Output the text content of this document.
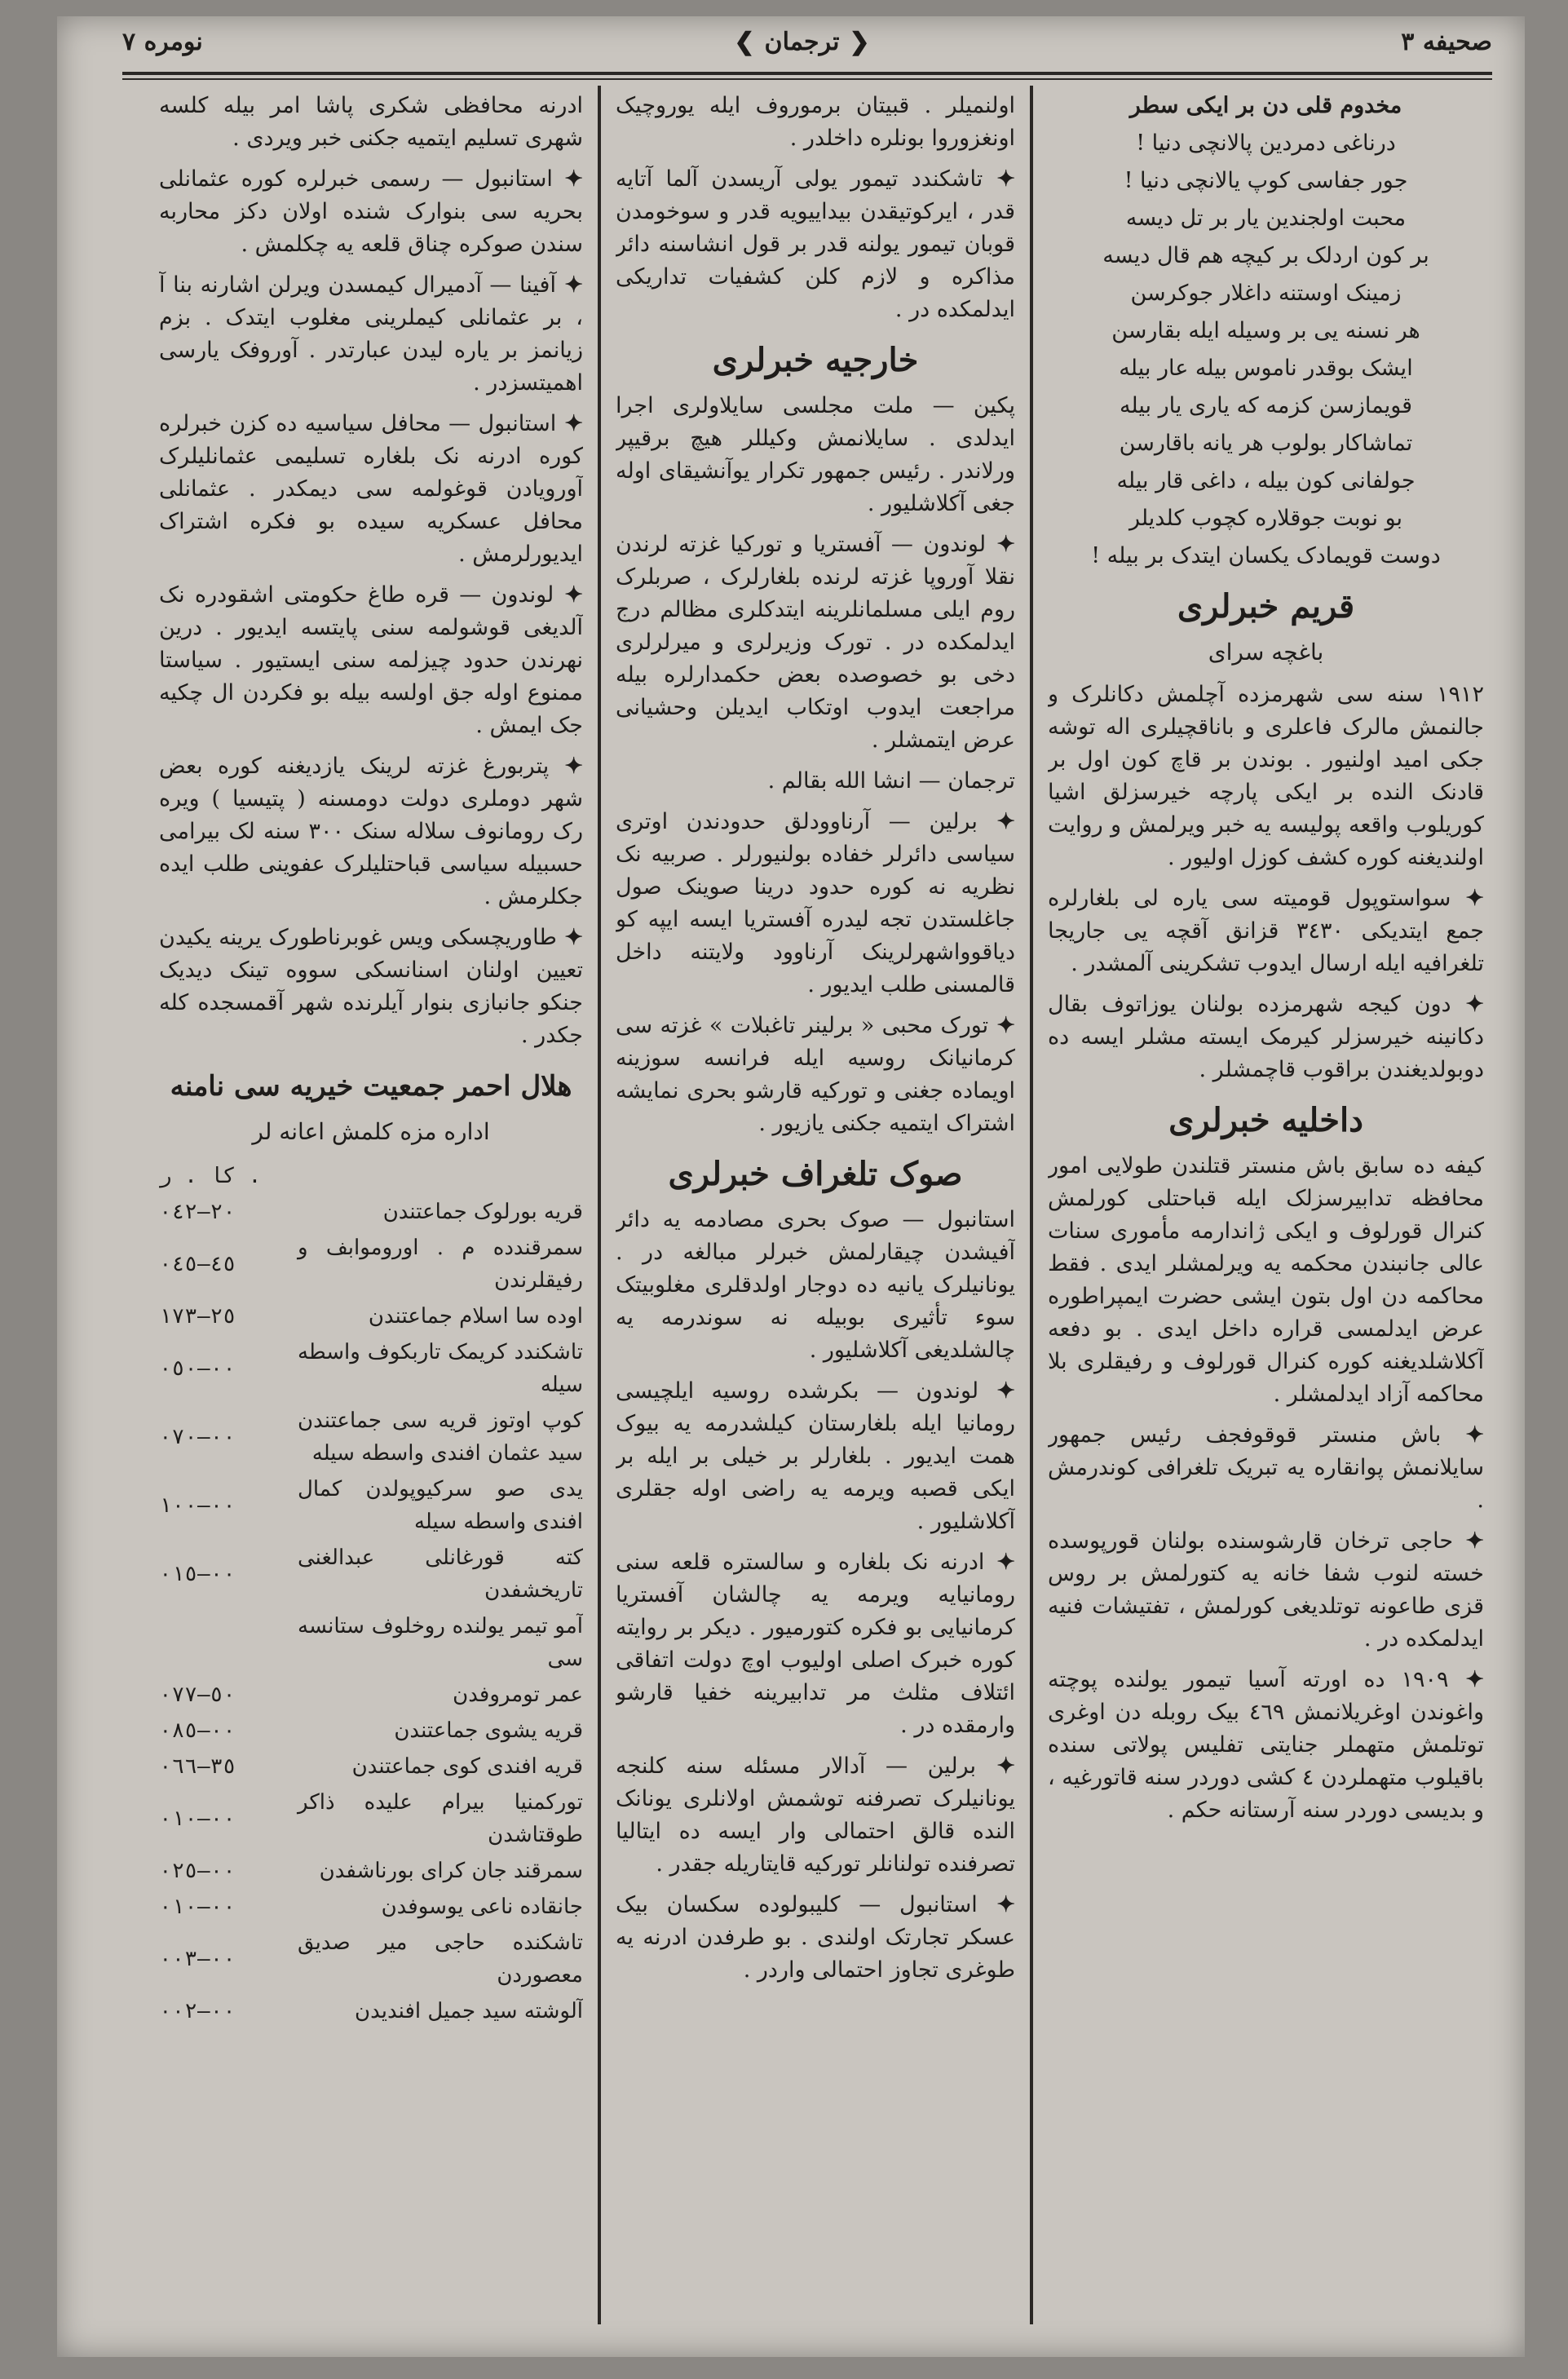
صحيفه ٣
❮
ترجمان
❯
نومره ٧

مخدوم قلی دن بر ایکی سطر

درناغی دمردین پالانچی دنیا !

جور جفاسی کوپ یالانچی دنیا !

محبت اولجندین یار بر تل دیسه

بر کون اردلک بر کیچه هم قال دیسه

زمینک اوستنه داغلار جوکرسن

هر نسنه یی بر وسیله ایله بقارسن

ایشک بوقدر ناموس بیله عار بیله

قویمازسن کزمه که یاری یار بیله

تماشاکار بولوب هر یانه باقارسن

جولفانی کون بیله ، داغی قار بیله

بو نوبت جوقلاره کچوب کلدیلر

دوست قویمادک یکسان ایتدک بر بیله !

قریم خبرلری
باغچه سرای

١٩١٢ سنه سی شهرمزده آچلمش دکانلرک و جالنمش مالرک فاعلری و باناقچیلری اله توشه جکی امید اولنیور . بوندن بر قاچ کون اول بر قادنک النده بر ایکی پارچه خیرسزلق اشیا کوریلوب واقعه پولیسه یه خبر ویرلمش و روایت اولندیغنه کوره کشف کوزل اولیور .

✦ سواستوپول قومیته سی یاره لی بلغارلره جمع ایتدیکی ٣٤٣٠ قزانق آقچه یی جاریجا تلغرافیه ایله ارسال ایدوب تشکرینی آلمشدر .

✦ دون کیجه شهرمزده بولنان یوزاتوف بقال دکانینه خیرسزلر کیرمک ایسته مشلر ایسه ده دوبولدیغندن براقوب قاچمشلر .

داخلیه خبرلری

کیفه ده سابق باش منستر قتلندن طولایی امور محافظه تدابیرسزلک ایله قباحتلی کورلمش کنرال قورلوف و ایکی ژاندارمه مأموری سنات عالی جانبندن محکمه یه ویرلمشلر ایدی . فقط محاکمه دن اول بتون ایشی حضرت ایمپراطوره عرض ایدلمسی قراره داخل ایدی . بو دفعه آکلاشلدیغنه کوره کنرال قورلوف و رفیقلری بلا محاکمه آزاد ایدلمشلر .

✦ باش منستر قوقوفجف رئیس جمهور سایلانمش پوانقاره یه تبریک تلغرافی کوندرمش .

✦ حاجی ترخان قارشوسنده بولنان قورپوسده خسته لنوب شفا خانه یه کتورلمش بر روس قزی طاعونه توتلدیغی کورلمش ، تفتیشات فنیه ایدلمکده در .

✦ ١٩٠٩ ده اورته آسیا تیمور یولنده پوچته واغوندن اوغریلانمش ٤٦٩ بیک روبله دن اوغری توتلمش متهملر جنایتی تفلیس پولاتی سنده باقیلوب متهملردن ٤ کشی دوردر سنه قاتورغیه ، و بدیسی دوردر سنه آرستانه حکم .

اولنمیلر . قبیتان برموروف ایله یوروچیک اونغزوروا بونلره داخلدر .

✦ تاشکندد تیمور یولی آریسدن آلما آتایه قدر ، ایرکوتیقدن بیداییویه قدر و سوخومدن قوبان تیمور یولنه قدر بر قول انشاسنه دائر مذاکره و لازم کلن کشفیات تداریکی ایدلمکده در .

خارجیه خبرلری

پکین — ملت مجلسی سایلاولری اجرا ایدلدی . سایلانمش وکیللر هیچ برقیپر ورلاندر . رئیس جمهور تکرار یوآنشیقای اوله جغی آکلاشلیور .

✦ لوندون — آفستریا و توركیا غزته لرندن نقلا آوروپا غزته لرنده بلغارلرک ، صربلرک روم ایلی مسلمانلرینه ایتدکلری مظالم درج ایدلمکده در . تورک وزیرلری و میرلرلری دخی بو خصوصده بعض حکمدارلره بیله مراجعت ایدوب اوتکاب ایدیلن وحشیانی عرض ایتمشلر .

ترجمان — انشا الله بقالم .

✦ برلین — آرناوودلق حدودندن اوتری سیاسی دائرلر خفاده بولنیورلر . صربیه نک نظریه نه کوره حدود درینا صوینک صول جاغلستدن تجه لیدره آفستریا ایسه ایپه کو دیاقوواشهرلرینک آرناوود ولایتنه داخل قالمسنی طلب ایدیور .

✦ تورک محبی « برلینر تاغبلات » غزته سی کرمانیانک روسیه ایله فرانسه سوزینه اویماده جغنی و تورکیه قارشو بحری نمایشه اشتراک ایتمیه جکنی یازیور .

صوک تلغراف خبرلری

استانبول — صوک بحری مصادمه یه دائر آفیشدن چیقارلمش خبرلر مبالغه در . یونانیلرک یانیه ده دوجار اولدقلری مغلوبیتک سوء تأثیری بوبیله نه سوندرمه یه چالشلدیغی آکلاشلیور .

✦ لوندون — بکرشده روسیه ایلچیسی رومانیا ایله بلغارستان کیلشدرمه یه بیوک همت ایدیور . بلغارلر بر خیلی بر ایله بر ایکی قصبه ویرمه یه راضی اوله جقلری آکلاشلیور .

✦ ادرنه نک بلغاره و سالستره قلعه سنی رومانیایه ویرمه یه چالشان آفستریا کرمانیایی بو فکره کتورمیور . دیکر بر روایته کوره خبرک اصلی اولیوب اوچ دولت اتفاقی ائتلاف مثلث مر تدابیرینه خفیا قارشو وارمقده در .

✦ برلین — آدالار مسئله سنه کلنجه یونانیلرک تصرفنه توشمش اولانلری یونانک النده قالق احتمالی وار ایسه ده ایتالیا تصرفنده تولنانلر تورکیه قایتاریله جقدر .

✦ استانبول — کلیبولوده سکسان بیک عسکر تجارتک اولندی . بو طرفدن ادرنه یه طوغری تجاوز احتمالی واردر .

ادرنه محافظی شکری پاشا امر بیله کلسه شهری تسلیم ایتمیه جکنی خبر ویردی .

✦ استانبول — رسمی خبرلره کوره عثمانلی بحریه سی بنوارک شنده اولان دکز محاربه سندن صوکره چناق قلعه یه چکلمش .

✦ آفینا — آدمیرال کیمسدن ویرلن اشارنه بنا آ ، بر عثمانلی کیملرینی مغلوب ایتدک . بزم زیانمز بر یاره لیدن عبارتدر . آوروفک یارسی اهمیتسزدر .

✦ استانبول — محافل سیاسیه ده کزن خبرلره کوره ادرنه نک بلغاره تسلیمی عثمانلیلرک آورویادن قوغولمه سی دیمکدر . عثمانلی محافل عسکریه سیده بو فکره اشتراک ایدیورلرمش .

✦ لوندون — قره طاغ حکومتی اشقودره نک آلدیغی قوشولمه سنی پایتسه ایدیور . درین نهرندن حدود چیزلمه سنی ایستیور . سیاستا ممنوع اوله جق اولسه بیله بو فکردن ال چکیه جک ایمش .

✦ پتربورغ غزته لرینک یازدیغنه کوره بعض شهر دوملری دولت دومسنه ( پتیسیا ) ویره رک رومانوف سلاله سنک ٣٠٠ سنه لک بیرامی حسبیله سیاسی قباحتلیلرک عفوینی طلب ایده جکلرمش .

✦ طاوریچسکی ویس غوبرناطورک یرینه یکیدن تعیین اولنان اسنانسکی سووه تینک دیدیک جنکو جانبازی بنوار آیلرنده شهر آقمسجده کله جکدر .

هلال احمر جمعیت خیریه سی نامنه
اداره مزه کلمش اعانه لر
	کا . ر .
قریه بورلوک جماعتندن	٢٠—٠٤٢
سمرقندده م . اوروموابف و رفیقلرندن	٤٥—٠٤٥
اوده سا اسلام جماعتندن	٢٥—١٧٣
تاشکندد کریمک تاربکوف واسطه سیله	٠٠—٠٥٠
کوپ اوتوز قریه سی جماعتندن سید عثمان افندی واسطه سیله	٠٠—٠٧٠
یدی صو سرکیوپولدن کمال افندی واسطه سیله	٠٠—١٠٠
کته قورغانلی عبدالغنی تاریخشفدن	٠٠—٠١٥
آمو تیمر یولنده روخلوف ستانسه سی	
عمر تومروفدن	٥٠—٠٧٧
قریه یشوی جماعتندن	٠٠—٠٨٥
قریه افندی کوی جماعتندن	٣٥—٠٦٦
تورکمنیا بیرام علیده ذاکر طوقتاشدن	٠٠—٠١٠
سمرقند جان کرای بورناشفدن	٠٠—٠٢٥
جانقاده ناعی یوسوفدن	٠٠—٠١٠
تاشکنده حاجی میر صدیق معصوردن	٠٠—٠٠٣
آلوشته سید جمیل افندیدن	٠٠—٠٠٢
